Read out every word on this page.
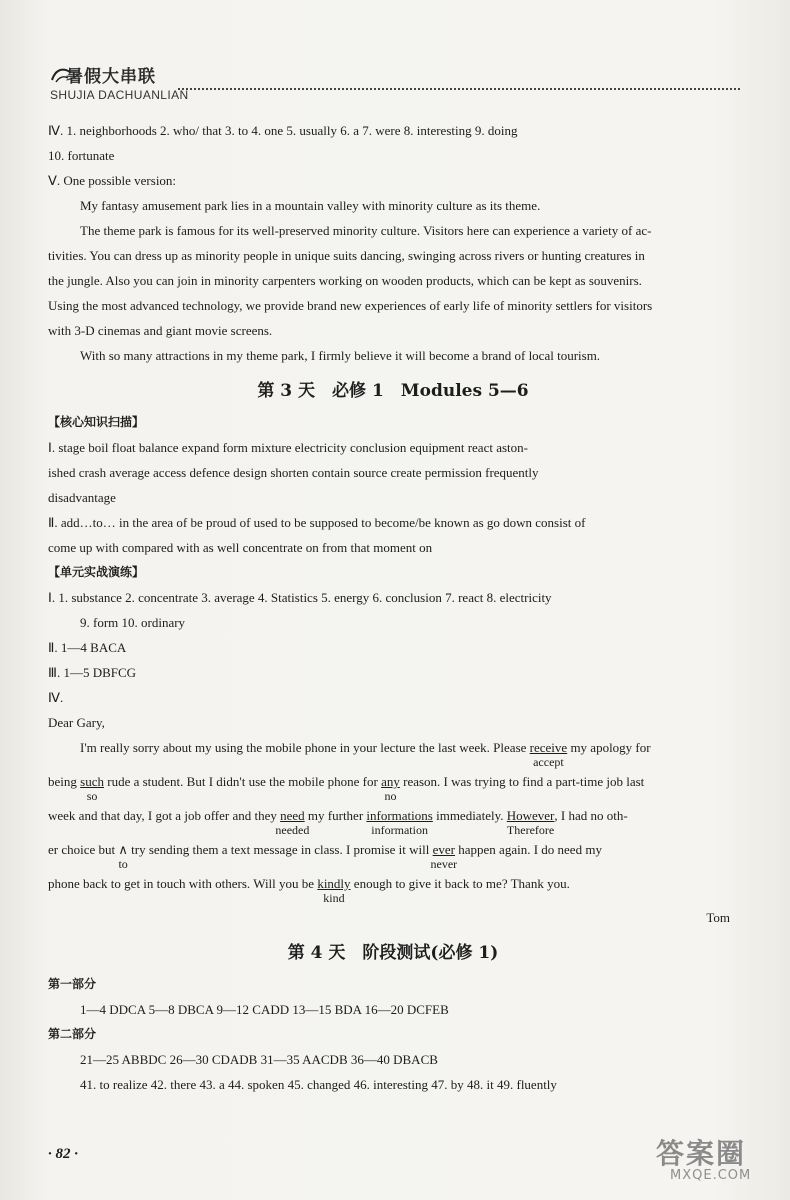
暑假大串联
SHUJIA DACHUANLIAN
Ⅳ. 1. neighborhoods 2. who/ that 3. to 4. one 5. usually 6. a 7. were 8. interesting 9. doing
10. fortunate
Ⅴ. One possible version:
My fantasy amusement park lies in a mountain valley with minority culture as its theme.
The theme park is famous for its well-preserved minority culture. Visitors here can experience a variety of ac-
tivities. You can dress up as minority people in unique suits dancing, swinging across rivers or hunting creatures in
the jungle. Also you can join in minority carpenters working on wooden products, which can be kept as souvenirs.
Using the most advanced technology, we provide brand new experiences of early life of minority settlers for visitors
with 3-D cinemas and giant movie screens.
With so many attractions in my theme park, I firmly believe it will become a brand of local tourism.
第 3 天　必修 1　Modules 5—6
【核心知识扫描】
Ⅰ. stage boil float balance expand form mixture electricity conclusion equipment react aston-
ished crash average access defence design shorten contain source create permission frequently
disadvantage
Ⅱ. add…to… in the area of be proud of used to be supposed to become/be known as go down consist of
come up with compared with as well concentrate on from that moment on
【单元实战演练】
Ⅰ. 1. substance 2. concentrate 3. average 4. Statistics 5. energy 6. conclusion 7. react 8. electricity
9. form 10. ordinary
Ⅱ. 1—4 BACA
Ⅲ. 1—5 DBFCG
Ⅳ.
Dear Gary,
I'm really sorry about my using the mobile phone in your lecture the last week. Please receive
accept
my apology for
being such
so
rude a student. But I didn't use the mobile phone for any
no
reason. I was trying to find a part-time job last
week and that day, I got a job offer and they need
needed
my further informations
information
immediately. However
Therefore
, I had no oth-
er choice but ∧
to
try sending them a text message in class. I promise it will ever
never
happen again. I do need my
phone back to get in touch with others. Will you be kindly
kind
enough to give it back to me? Thank you.
Tom
第 4 天　阶段测试(必修 1)
第一部分
1—4 DDCA 5—8 DBCA 9—12 CADD 13—15 BDA 16—20 DCFEB
第二部分
21—25 ABBDC 26—30 CDADB 31—35 AACDB 36—40 DBACB
41. to realize 42. there 43. a 44. spoken 45. changed 46. interesting 47. by 48. it 49. fluently
· 82 ·	答案圈
MXQE.COM
